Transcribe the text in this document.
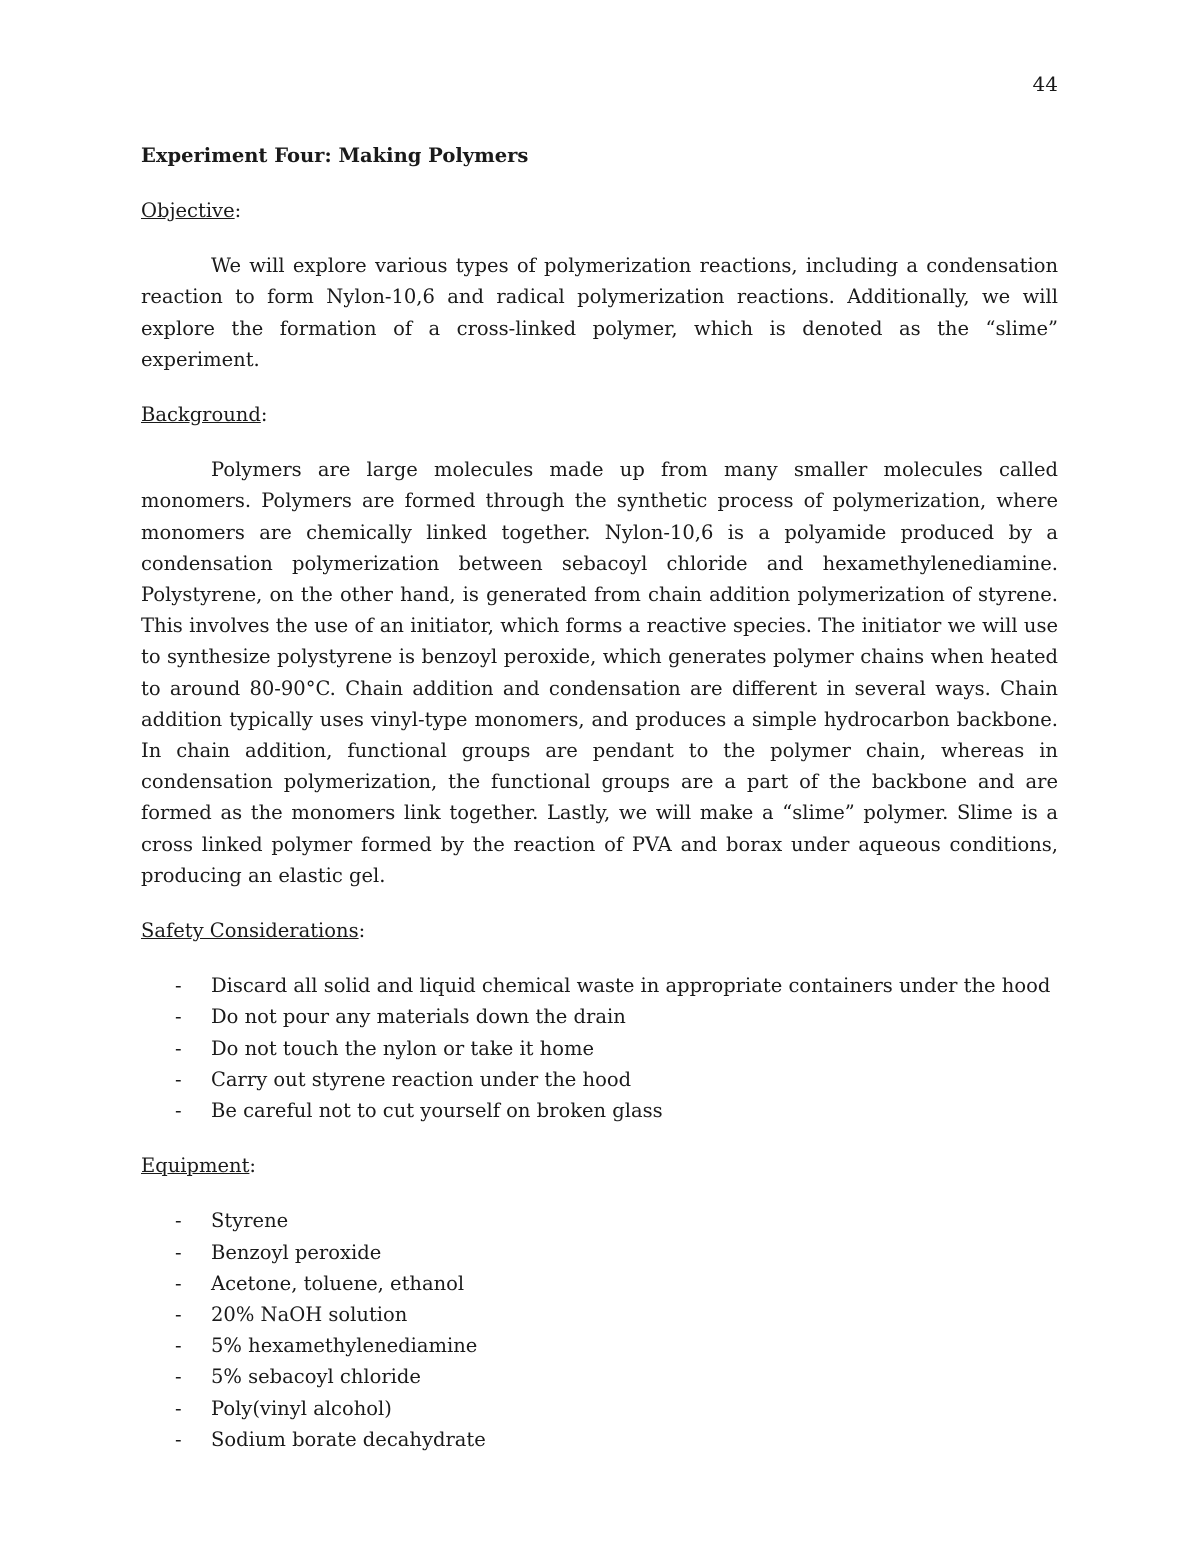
44

Experiment Four: Making Polymers

Objective:

We will explore various types of polymerization reactions, including a condensation reaction to form Nylon-10,6 and radical polymerization reactions. Additionally, we will explore the formation of a cross-linked polymer, which is denoted as the “slime” experiment.

Background:

Polymers are large molecules made up from many smaller molecules called monomers. Polymers are formed through the synthetic process of polymerization, where monomers are chemically linked together. Nylon-10,6 is a polyamide produced by a condensation polymerization between sebacoyl chloride and hexamethylenediamine. Polystyrene, on the other hand, is generated from chain addition polymerization of styrene. This involves the use of an initiator, which forms a reactive species. The initiator we will use to synthesize polystyrene is benzoyl peroxide, which generates polymer chains when heated to around 80-90°C. Chain addition and condensation are different in several ways. Chain addition typically uses vinyl-type monomers, and produces a simple hydrocarbon backbone. In chain addition, functional groups are pendant to the polymer chain, whereas in condensation polymerization, the functional groups are a part of the backbone and are formed as the monomers link together. Lastly, we will make a “slime” polymer. Slime is a cross linked polymer formed by the reaction of PVA and borax under aqueous conditions, producing an elastic gel.

Safety Considerations:

- Discard all solid and liquid chemical waste in appropriate containers under the hood
- Do not pour any materials down the drain
- Do not touch the nylon or take it home
- Carry out styrene reaction under the hood
- Be careful not to cut yourself on broken glass

Equipment:

- Styrene
- Benzoyl peroxide
- Acetone, toluene, ethanol
- 20% NaOH solution
- 5% hexamethylenediamine
- 5% sebacoyl chloride
- Poly(vinyl alcohol)
- Sodium borate decahydrate
